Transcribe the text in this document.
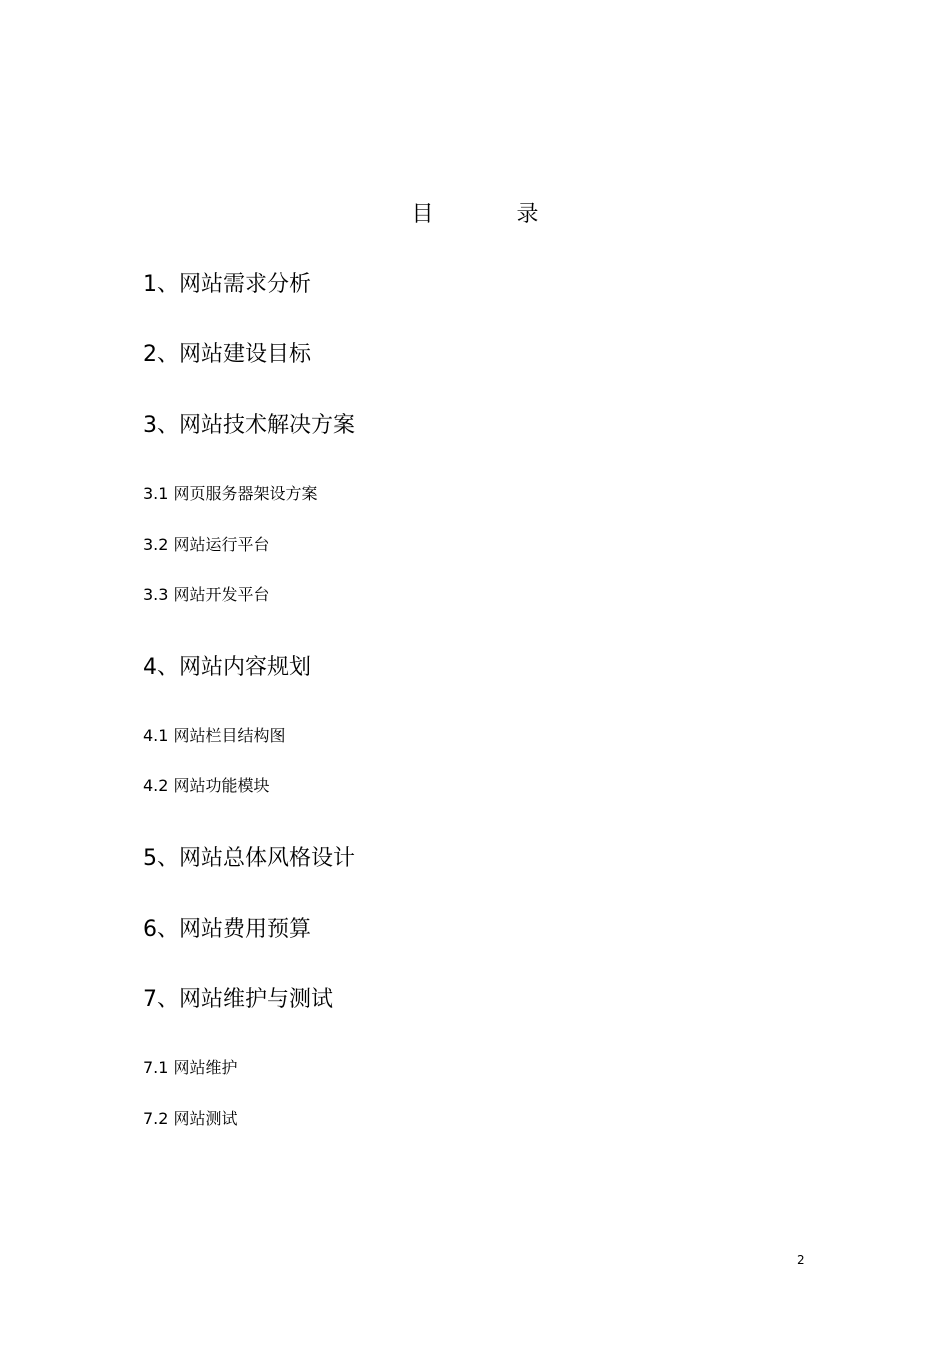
目 录
1、网站需求分析
2、网站建设目标
3、网站技术解决方案
3.1 网页服务器架设方案
3.2 网站运行平台
3.3 网站开发平台
4、网站内容规划
4.1 网站栏目结构图
4.2 网站功能模块
5、网站总体风格设计
6、网站费用预算
7、网站维护与测试
7.1 网站维护
7.2 网站测试
2
